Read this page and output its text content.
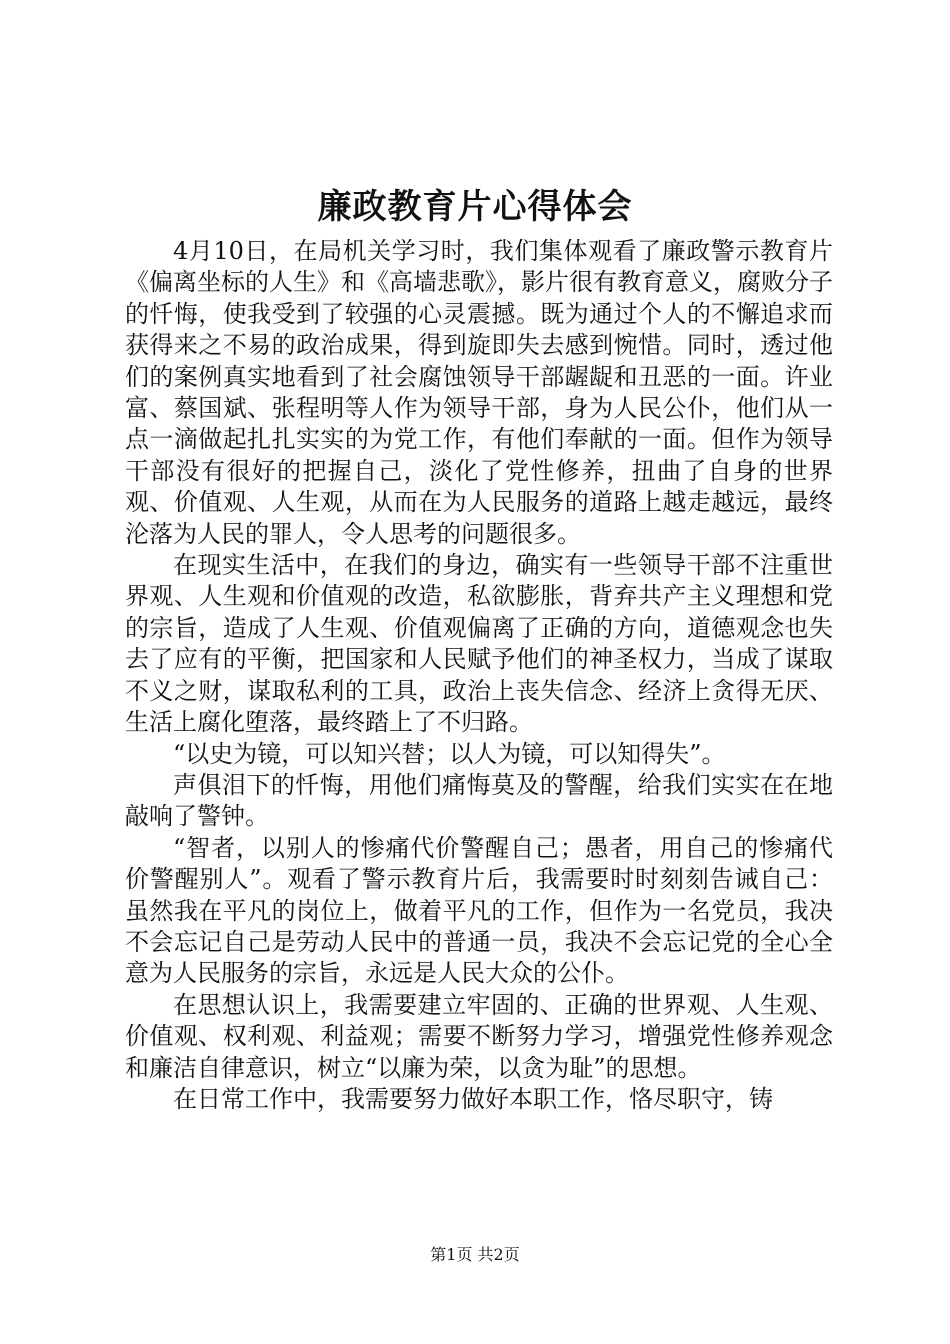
廉政教育片心得体会

4月10日，在局机关学习时，我们集体观看了廉政警示教育片《偏离坐标的人生》和《高墙悲歌》，影片很有教育意义，腐败分子的忏悔，使我受到了较强的心灵震撼。既为通过个人的不懈追求而获得来之不易的政治成果，得到旋即失去感到惋惜。同时，透过他们的案例真实地看到了社会腐蚀领导干部龌龊和丑恶的一面。许业富、蔡国斌、张程明等人作为领导干部，身为人民公仆，他们从一点一滴做起扎扎实实的为党工作，有他们奉献的一面。但作为领导干部没有很好的把握自己，淡化了党性修养，扭曲了自身的世界观、价值观、人生观，从而在为人民服务的道路上越走越远，最终沦落为人民的罪人，令人思考的问题很多。

在现实生活中，在我们的身边，确实有一些领导干部不注重世界观、人生观和价值观的改造，私欲膨胀，背弃共产主义理想和党的宗旨，造成了人生观、价值观偏离了正确的方向，道德观念也失去了应有的平衡，把国家和人民赋予他们的神圣权力，当成了谋取不义之财，谋取私利的工具，政治上丧失信念、经济上贪得无厌、生活上腐化堕落，最终踏上了不归路。

“以史为镜，可以知兴替；以人为镜，可以知得失”。

声俱泪下的忏悔，用他们痛悔莫及的警醒，给我们实实在在地敲响了警钟。

“智者，以别人的惨痛代价警醒自己；愚者，用自己的惨痛代价警醒别人”。观看了警示教育片后，我需要时时刻刻告诫自己：虽然我在平凡的岗位上，做着平凡的工作，但作为一名党员，我决不会忘记自己是劳动人民中的普通一员，我决不会忘记党的全心全意为人民服务的宗旨，永远是人民大众的公仆。

在思想认识上，我需要建立牢固的、正确的世界观、人生观、价值观、权利观、利益观；需要不断努力学习，增强党性修养观念和廉洁自律意识，树立“以廉为荣，以贪为耻”的思想。

在日常工作中，我需要努力做好本职工作，恪尽职守，铸

第1页 共2页
